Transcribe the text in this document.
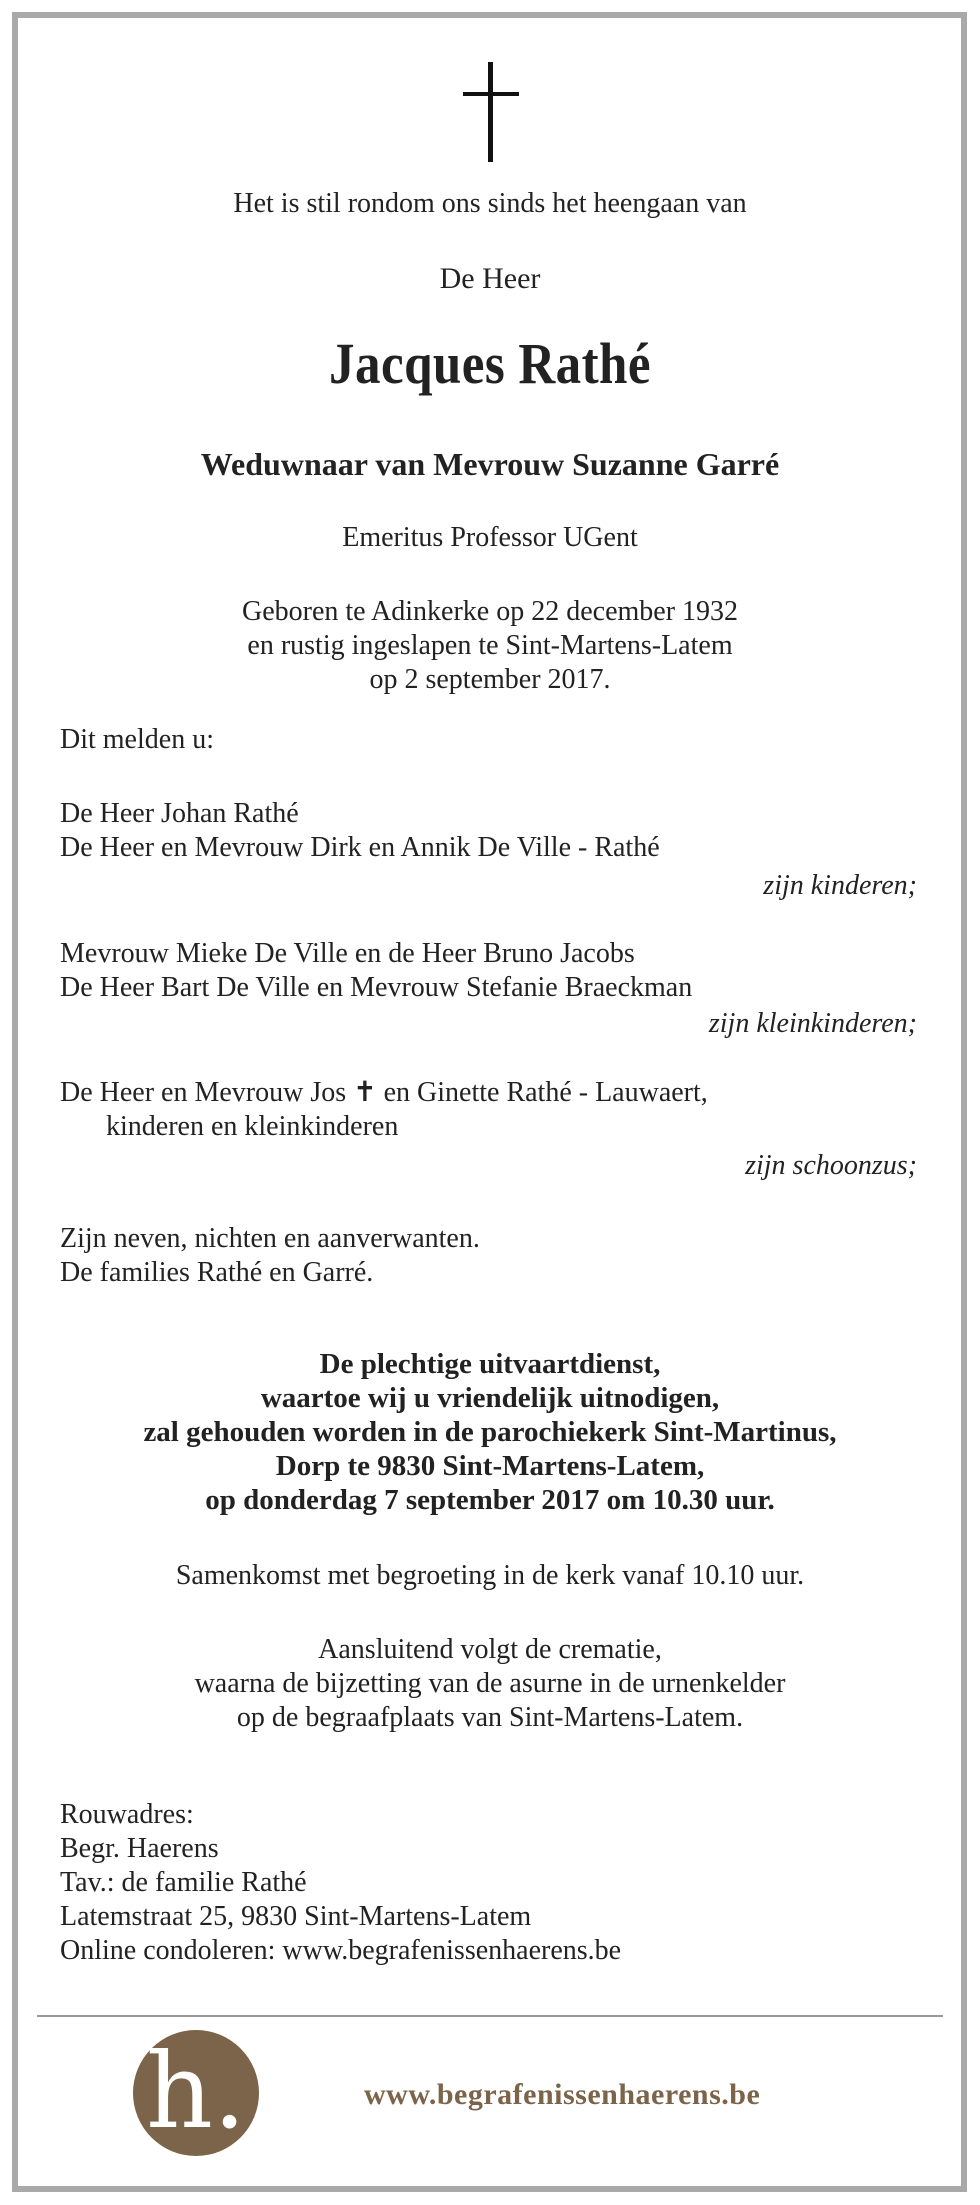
Het is stil rondom ons sinds het heengaan van
De Heer
Jacques Rathé
Weduwnaar van Mevrouw Suzanne Garré
Emeritus Professor UGent
Geboren te Adinkerke op 22 december 1932
en rustig ingeslapen te Sint-Martens-Latem
op 2 september 2017.
Dit melden u:
De Heer Johan Rathé
De Heer en Mevrouw Dirk en Annik De Ville - Rathé
zijn kinderen;
Mevrouw Mieke De Ville en de Heer Bruno Jacobs
De Heer Bart De Ville en Mevrouw Stefanie Braeckman
zijn kleinkinderen;
De Heer en Mevrouw Jos ✝ en Ginette Rathé - Lauwaert,
kinderen en kleinkinderen
zijn schoonzus;
Zijn neven, nichten en aanverwanten.
De families Rathé en Garré.
De plechtige uitvaartdienst,
waartoe wij u vriendelijk uitnodigen,
zal gehouden worden in de parochiekerk Sint-Martinus,
Dorp te 9830 Sint-Martens-Latem,
op donderdag 7 september 2017 om 10.30 uur.
Samenkomst met begroeting in de kerk vanaf 10.10 uur.
Aansluitend volgt de crematie,
waarna de bijzetting van de asurne in de urnenkelder
op de begraafplaats van Sint-Martens-Latem.
Rouwadres:
Begr. Haerens
Tav.: de familie Rathé
Latemstraat 25, 9830 Sint-Martens-Latem
Online condoleren: www.begrafenissenhaerens.be
h.	www.begrafenissenhaerens.be
